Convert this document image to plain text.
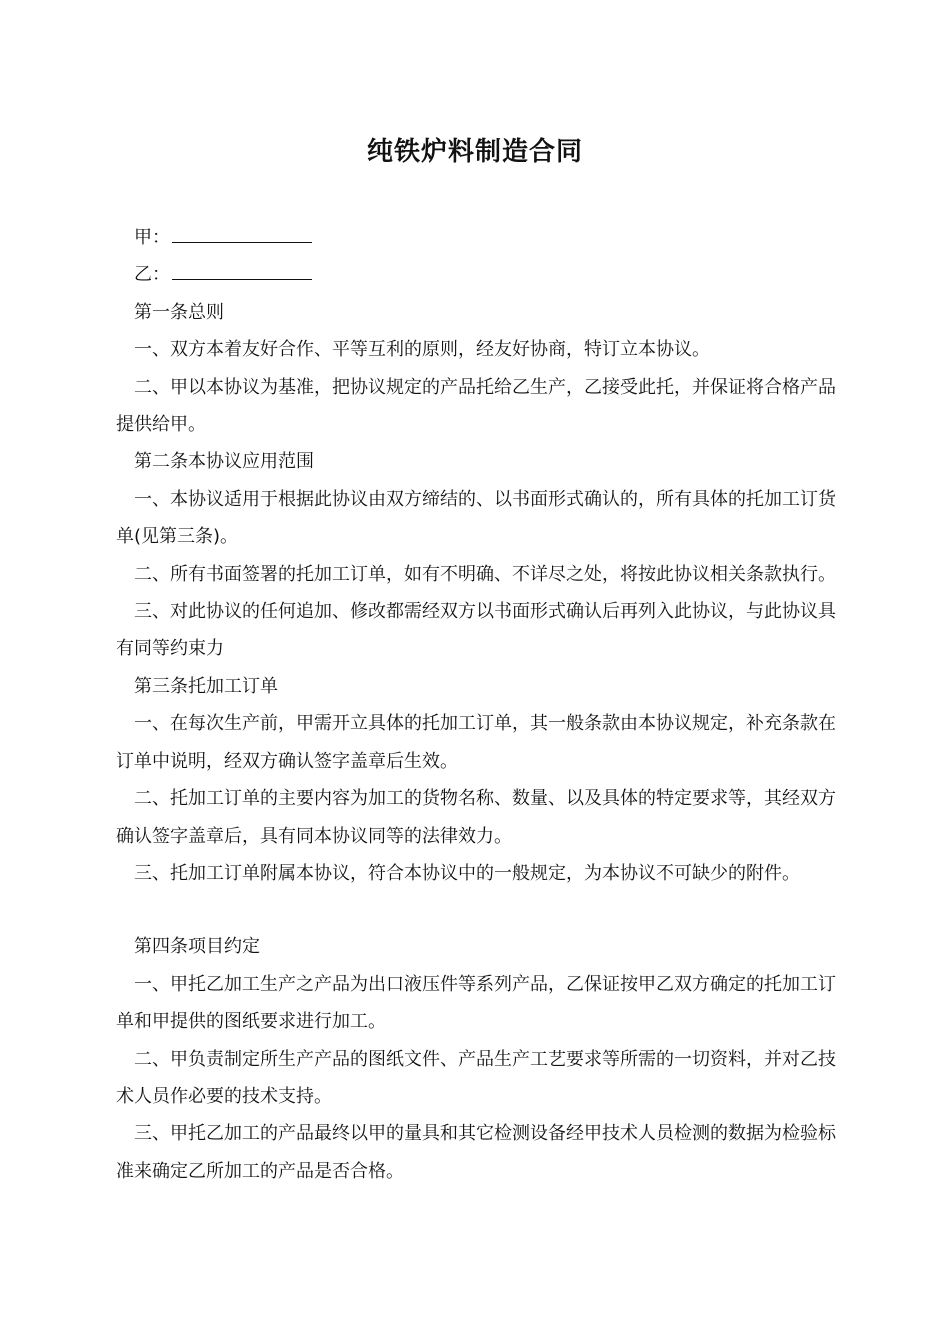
纯铁炉料制造合同
甲：
乙：

第一条总则

一、双方本着友好合作、平等互利的原则，经友好协商，特订立本协议。

二、甲以本协议为基准，把协议规定的产品托给乙生产，乙接受此托，并保证将合格产品提供给甲。

第二条本协议应用范围

一、本协议适用于根据此协议由双方缔结的、以书面形式确认的，所有具体的托加工订货单(见第三条)。

二、所有书面签署的托加工订单，如有不明确、不详尽之处，将按此协议相关条款执行。

三、对此协议的任何追加、修改都需经双方以书面形式确认后再列入此协议，与此协议具有同等约束力

第三条托加工订单

一、在每次生产前，甲需开立具体的托加工订单，其一般条款由本协议规定，补充条款在订单中说明，经双方确认签字盖章后生效。

二、托加工订单的主要内容为加工的货物名称、数量、以及具体的特定要求等，其经双方确认签字盖章后，具有同本协议同等的法律效力。

三、托加工订单附属本协议，符合本协议中的一般规定，为本协议不可缺少的附件。

第四条项目约定

一、甲托乙加工生产之产品为出口液压件等系列产品，乙保证按甲乙双方确定的托加工订单和甲提供的图纸要求进行加工。

二、甲负责制定所生产产品的图纸文件、产品生产工艺要求等所需的一切资料，并对乙技术人员作必要的技术支持。

三、甲托乙加工的产品最终以甲的量具和其它检测设备经甲技术人员检测的数据为检验标准来确定乙所加工的产品是否合格。
